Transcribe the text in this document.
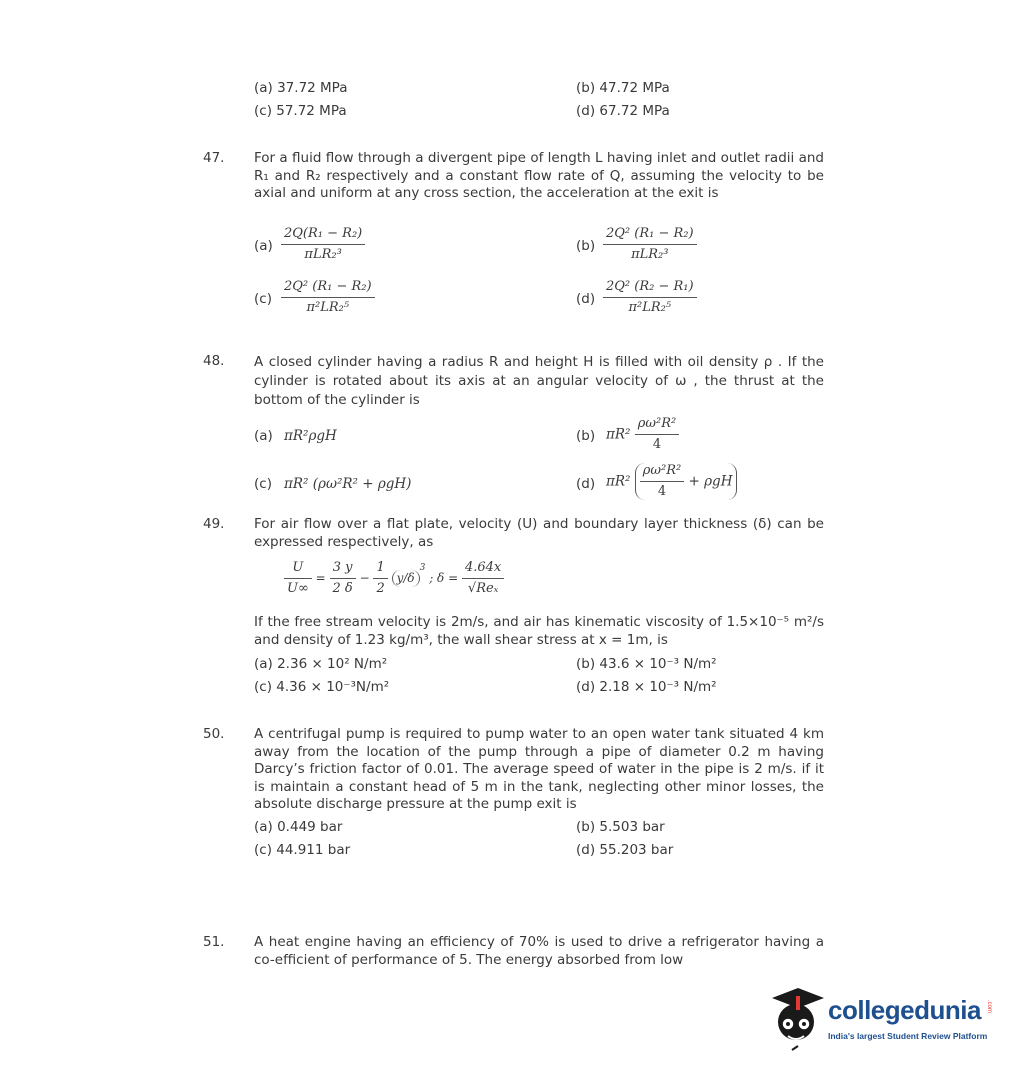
(a) 37.72 MPa	(b) 47.72 MPa
(c) 57.72 MPa	(d) 67.72 MPa
47. For a fluid flow through a divergent pipe of length L having inlet and outlet radii and R₁ and R₂ respectively and a constant flow rate of Q, assuming the velocity to be axial and uniform at any cross section, the acceleration at the exit is
$(a) \frac{\text{2Q(R₁ − R₂)}}{\text{πLR₂³}}$	$(b) \frac{\text{2Q² (R₁ − R₂)}}{\text{πLR₂³}}$
$(c) \frac{\text{2Q² (R₁ − R₂)}}{\text{π²LR₂⁵}}$	$(d) \frac{\text{2Q² (R₂ − R₁)}}{\text{π²LR₂⁵}}$
48. A closed cylinder having a radius R and height H is filled with oil density ρ . If the cylinder is rotated about its axis at an angular velocity of ω , the thrust at the bottom of the cylinder is
(a) πR²ρgH	(b) $\pi R^2 \frac{\text{ρω²R²}}{4}$
(c) πR² (ρω²R² + ρgH)	(d) $\pi R^2 \frac{\text{ρω²R²}}{4} + \rho gH$
49. For air flow over a flat plate, velocity (U) and boundary layer thickness (δ) can be expressed respectively, as
$\frac{U}{U\infty} = \frac{3 y}{2 \delta} - \frac{1}{2} y/\delta^3$ ; $\delta = \frac{4.64x}{\text{√Reₓ}}$
If the free stream velocity is 2m/s, and air has kinematic viscosity of 1.5×10⁻⁵ m²/s and density of 1.23 kg/m³, the wall shear stress at x = 1m, is
(a) 2.36 × 10² N/m²	(b) 43.6 × 10⁻³ N/m²
(c) 4.36 × 10⁻³N/m²	(d) 2.18 × 10⁻³ N/m²
50. A centrifugal pump is required to pump water to an open water tank situated 4 km away from the location of the pump through a pipe of diameter 0.2 m having Darcy’s friction factor of 0.01. The average speed of water in the pipe is 2 m/s. if it is maintain a constant head of 5 m in the tank, neglecting other minor losses, the absolute discharge pressure at the pump exit is
(a) 0.449 bar	(b) 5.503 bar
(c) 44.911 bar	(d) 55.203 bar
51. A heat engine having an efficiency of 70% is used to drive a refrigerator having a co-efficient of performance of 5. The energy absorbed from low
collegedunia
India's largest Student Review Platform
.com
